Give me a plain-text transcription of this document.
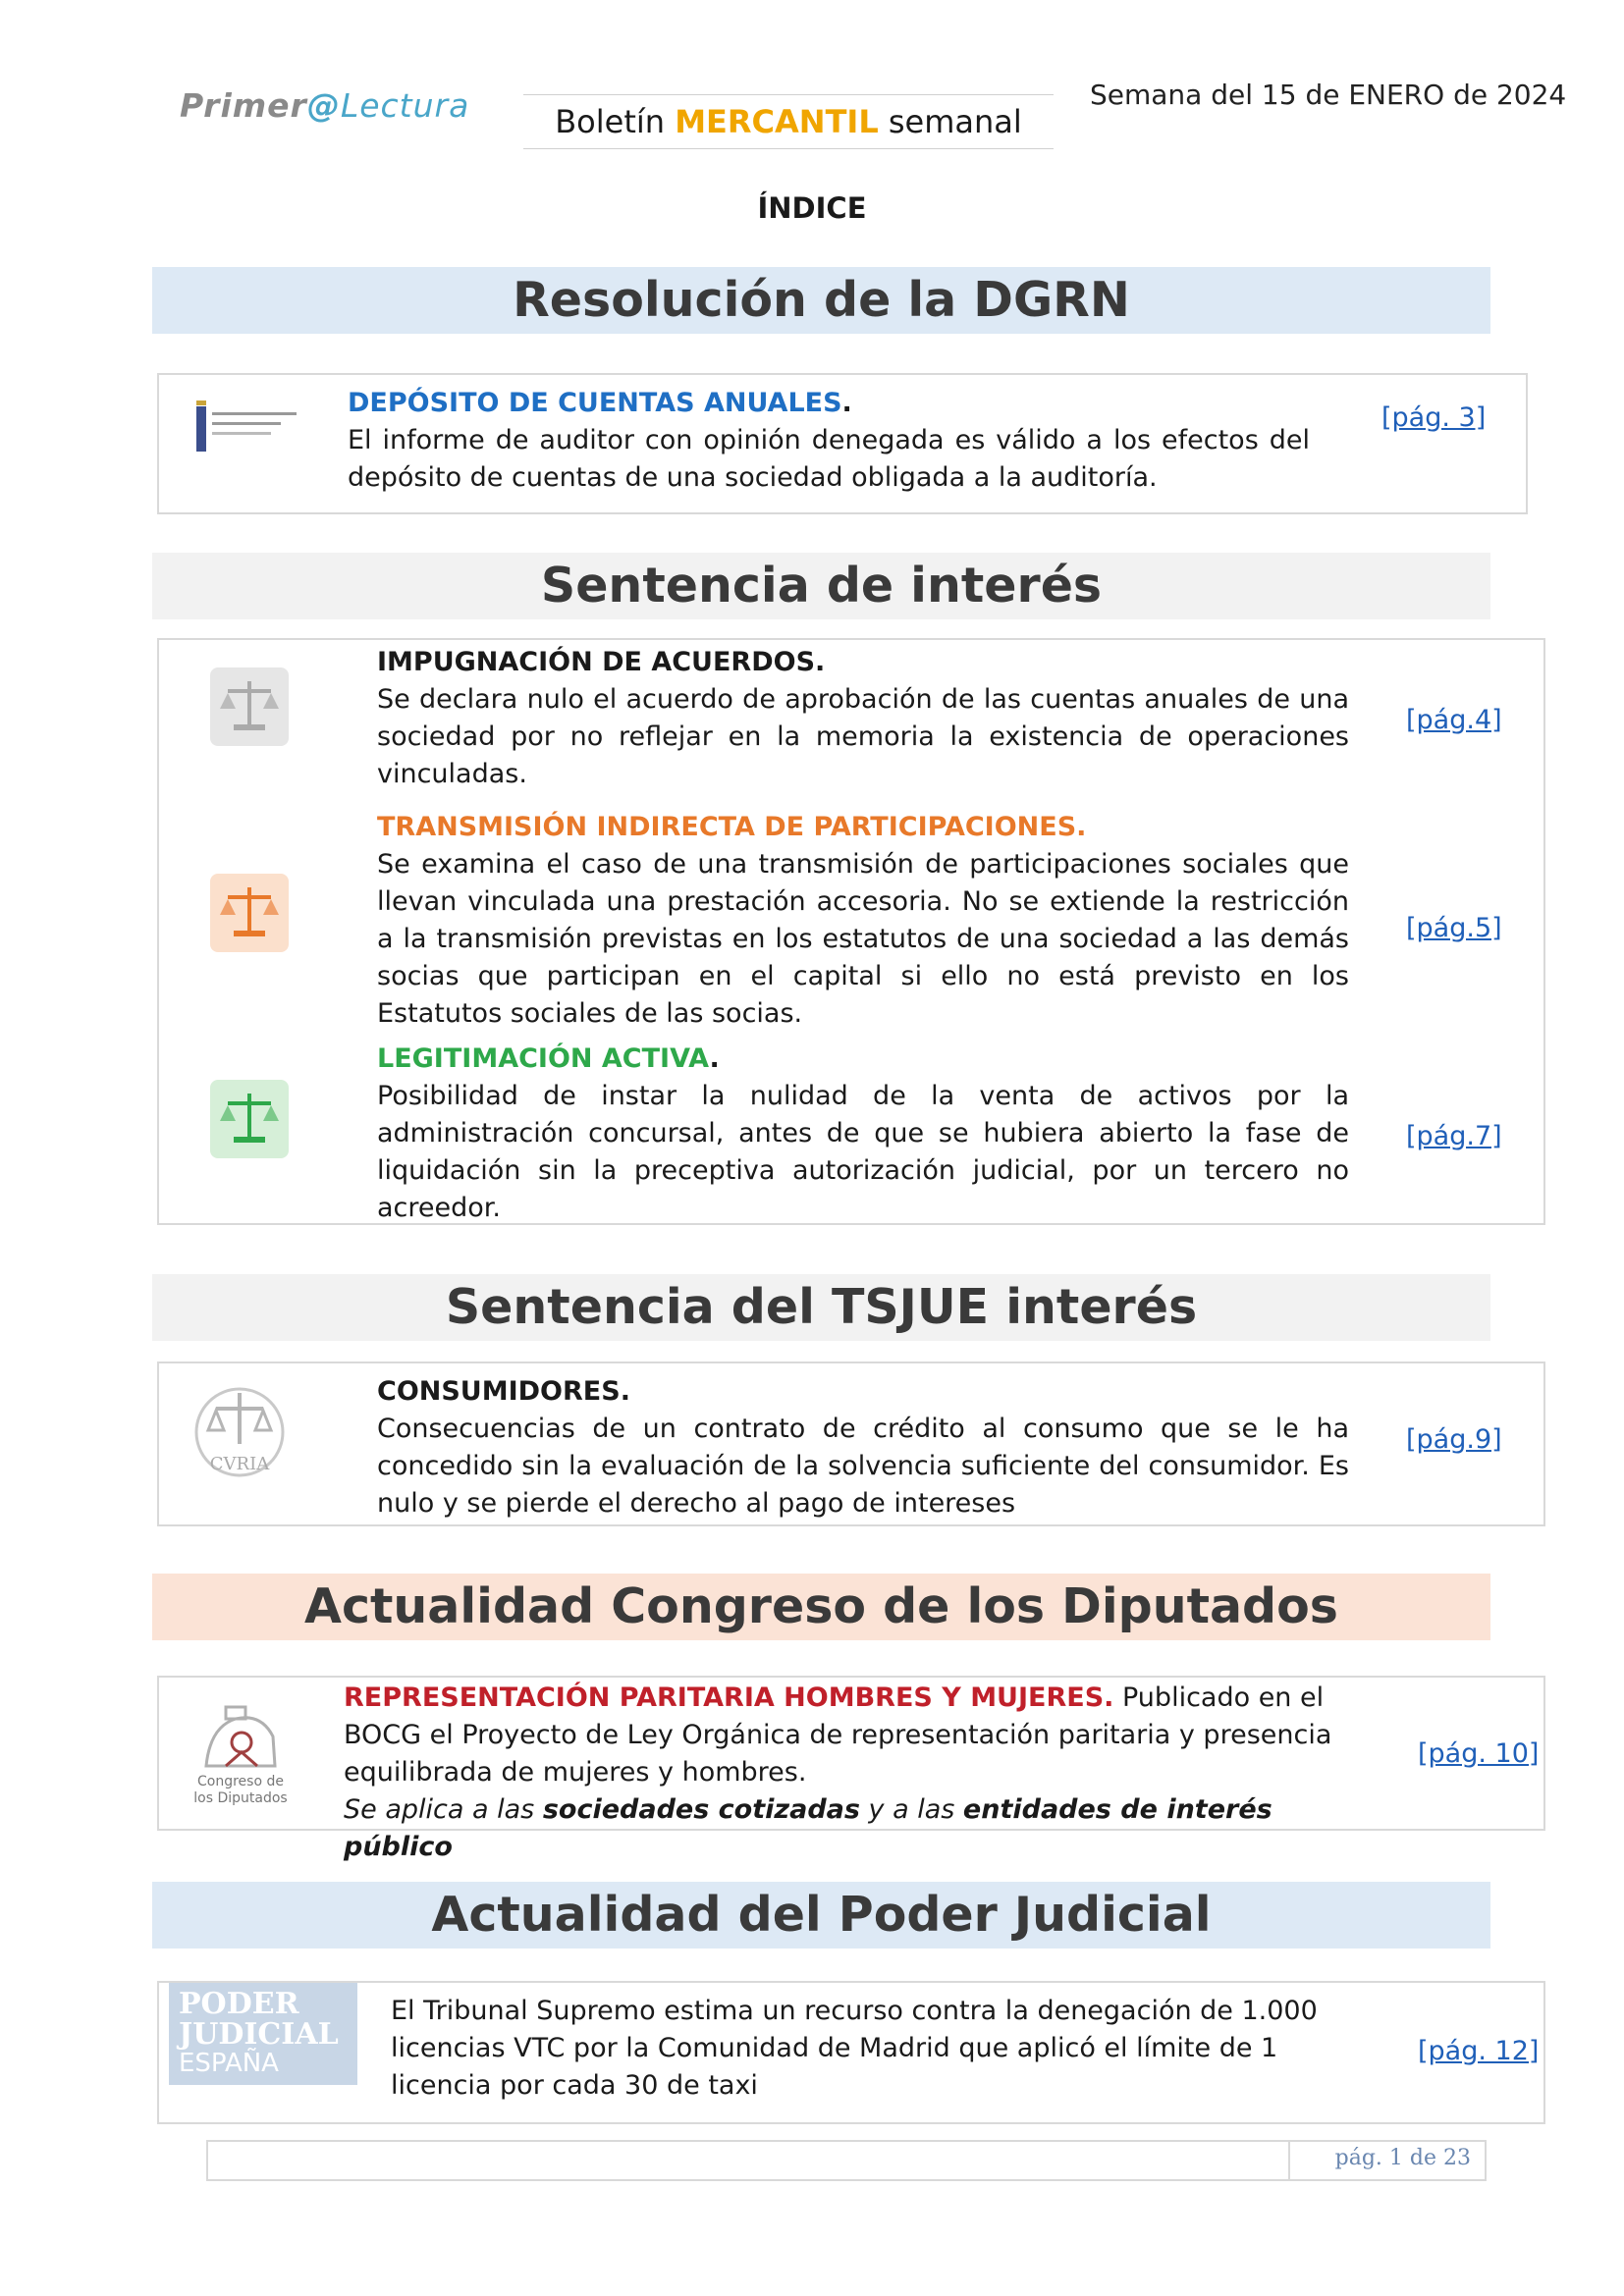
Primer@Lectura	Boletín MERCANTIL semanal
Semana del 15 de ENERO de 2024
ÍNDICE
Resolución de la DGRN
DEPÓSITO DE CUENTAS ANUALES.
El informe de auditor con opinión denegada es válido a los efectos del depósito de cuentas de una sociedad obligada a la auditoría.
[pág. 3]
Sentencia de interés
IMPUGNACIÓN DE ACUERDOS.
Se declara nulo el acuerdo de aprobación de las cuentas anuales de una sociedad por no reflejar en la memoria la existencia de operaciones vinculadas.
[pág.4]
TRANSMISIÓN INDIRECTA DE PARTICIPACIONES.
Se examina el caso de una transmisión de participaciones sociales que llevan vinculada una prestación accesoria. No se extiende la restricción a la transmisión previstas en los estatutos de una sociedad a las demás socias que participan en el capital si ello no está previsto en los Estatutos sociales de las socias.
[pág.5]
LEGITIMACIÓN ACTIVA.
Posibilidad de instar la nulidad de la venta de activos por la administración concursal, antes de que se hubiera abierto la fase de liquidación sin la preceptiva autorización judicial, por un tercero no acreedor.
[pág.7]
Sentencia del TSJUE interés
CVRIA
CONSUMIDORES.
Consecuencias de un contrato de crédito al consumo que se le ha concedido sin la evaluación de la solvencia suficiente del consumidor. Es nulo y se pierde el derecho al pago de intereses
[pág.9]
Actualidad Congreso de los Diputados
Congreso de
los Diputados
REPRESENTACIÓN PARITARIA HOMBRES Y MUJERES. Publicado en el BOCG el Proyecto de Ley Orgánica de representación paritaria y presencia equilibrada de mujeres y hombres.
Se aplica a las sociedades cotizadas y a las entidades de interés público
[pág. 10]
Actualidad del Poder Judicial
PODER
JUDICIAL
ESPAÑA
El Tribunal Supremo estima un recurso contra la denegación de 1.000 licencias VTC por la Comunidad de Madrid que aplicó el límite de 1 licencia por cada 30 de taxi
[pág. 12]
pág. 1 de 23
